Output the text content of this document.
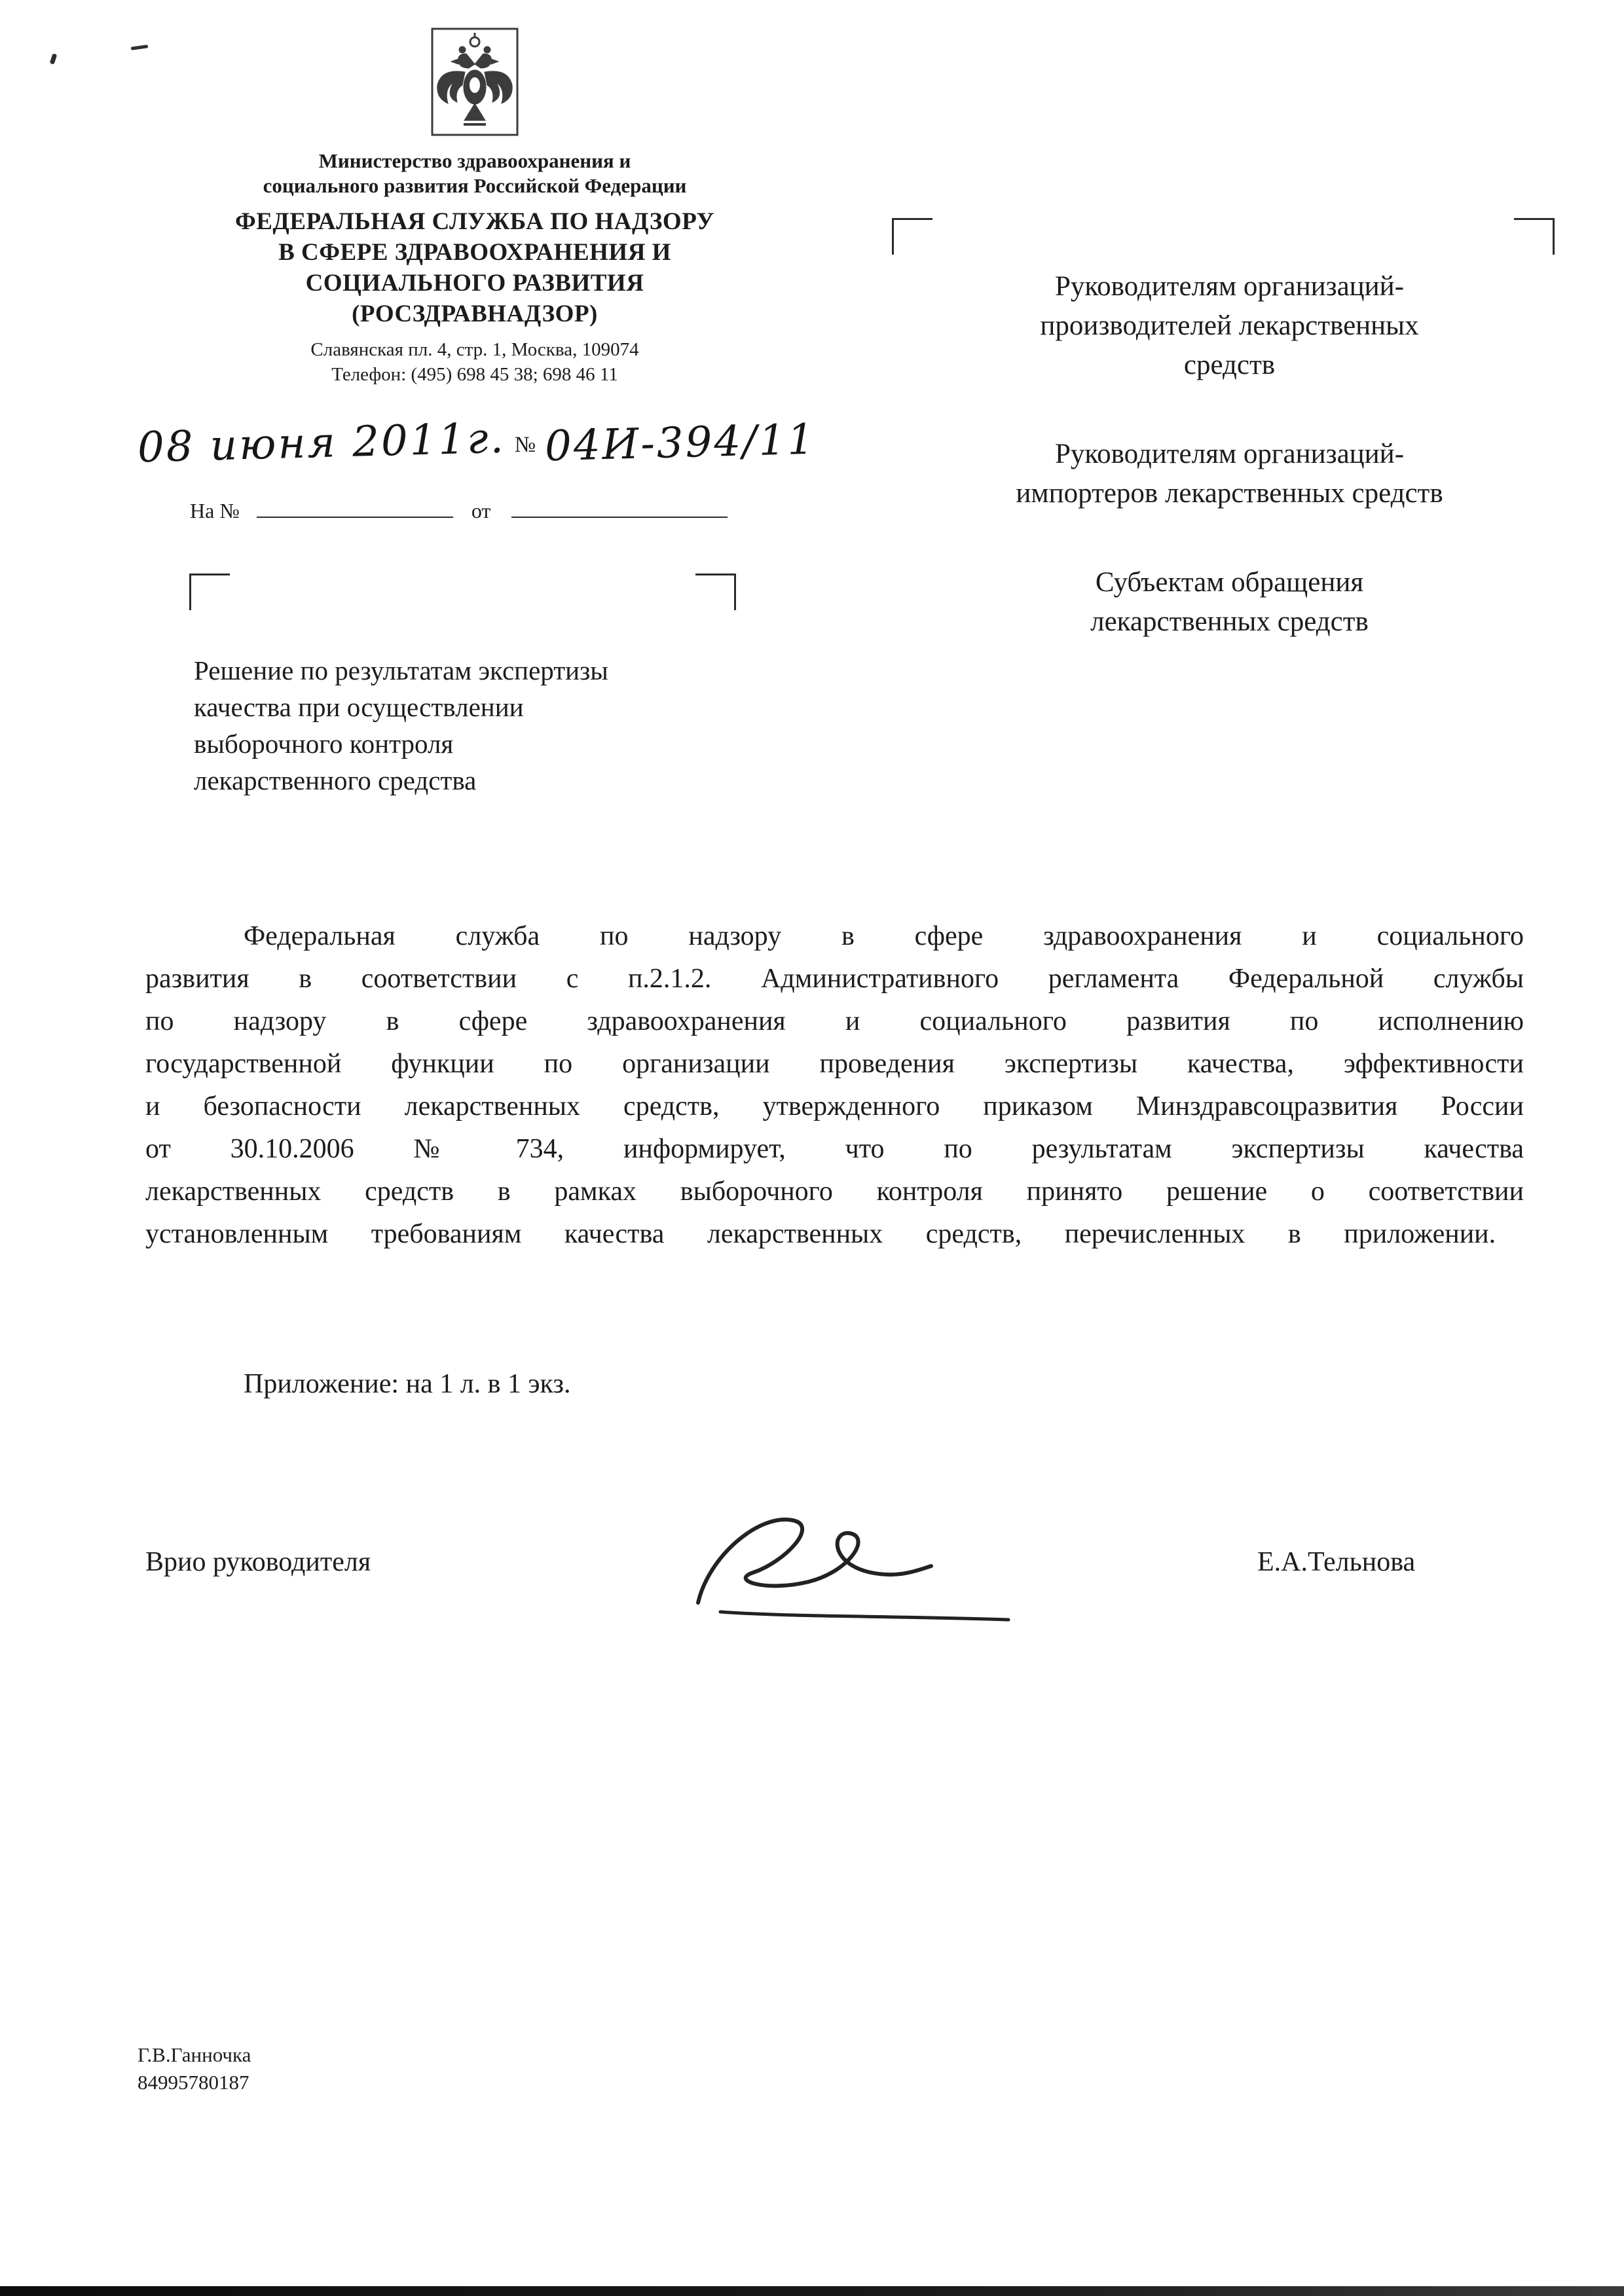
Министерство здравоохранения и
социального развития Российской Федерации
ФЕДЕРАЛЬНАЯ СЛУЖБА ПО НАДЗОРУ
В СФЕРЕ ЗДРАВООХРАНЕНИЯ И
СОЦИАЛЬНОГО РАЗВИТИЯ
(РОСЗДРАВНАДЗОР)
Славянская пл. 4, стр. 1, Москва, 109074
Телефон: (495) 698 45 38; 698 46 11
08 июня 2011г. № 04И-394/11
На №	от
Руководителям организаций-
производителей лекарственных
средств
Руководителям организаций-
импортеров лекарственных средств
Субъектам обращения
лекарственных средств
Решение по результатам экспертизы
качества при осуществлении
выборочного контроля
лекарственного средства

Федеральная служба по надзору в сфере здравоохранения и социального развития в соответствии с п.2.1.2. Административного регламента Федеральной службы по надзору в сфере здравоохранения и социального развития по исполнению государственной функции по организации проведения экспертизы качества, эффективности и безопасности лекарственных средств, утвержденного приказом Минздравсоцразвития России от 30.10.2006 № 734, информирует, что по результатам экспертизы качества лекарственных средств в рамках выборочного контроля принято решение о соответствии установленным требованиям качества лекарственных средств, перечисленных в приложении.

Приложение: на 1 л. в 1 экз.

Врио руководителя	Е.А.Тельнова
Г.В.Ганночка
84995780187
